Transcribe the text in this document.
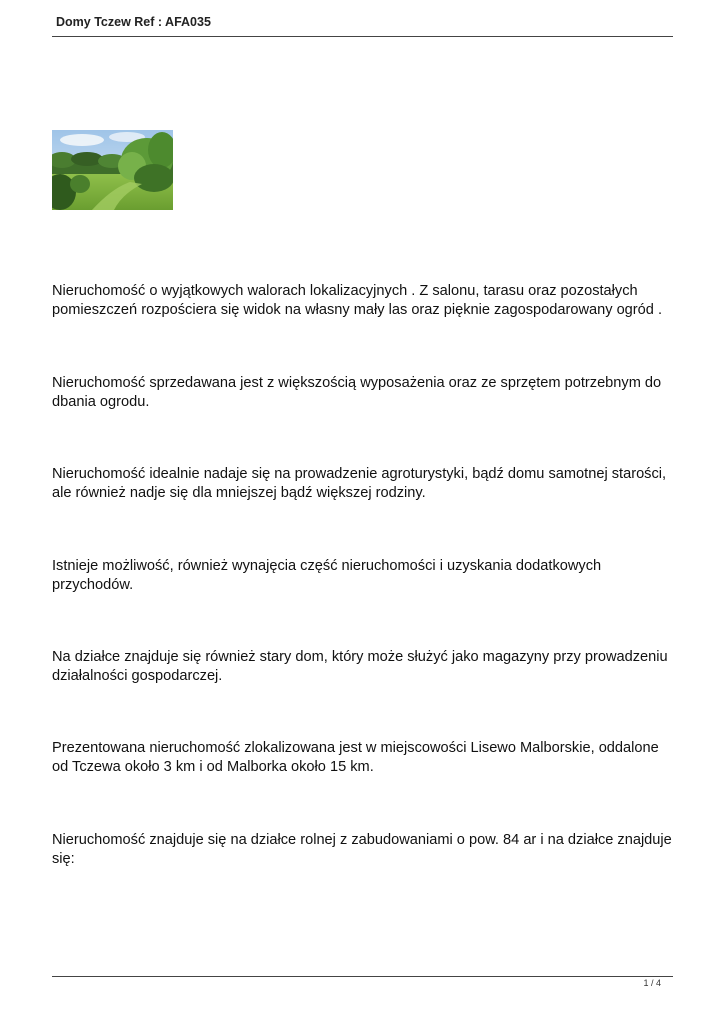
Domy Tczew Ref : AFA035

Nieruchomość o wyjątkowych walorach lokalizacyjnych . Z salonu, tarasu oraz pozostałych pomieszczeń rozpościera się widok na własny mały las oraz pięknie zagospodarowany ogród .

Nieruchomość sprzedawana jest z większością wyposażenia oraz ze sprzętem potrzebnym do dbania ogrodu.

Nieruchomość idealnie nadaje się na prowadzenie agroturystyki, bądź domu samotnej starości, ale również nadje się dla mniejszej bądź większej rodziny.

Istnieje możliwość, również wynajęcia część nieruchomości i uzyskania dodatkowych przychodów.

Na działce znajduje się również stary dom, który może służyć jako magazyny przy prowadzeniu działalności gospodarczej.

Prezentowana nieruchomość zlokalizowana jest w miejscowości Lisewo Malborskie, oddalone od Tczewa około 3 km i od Malborka około 15 km.

Nieruchomość znajduje się na działce rolnej z zabudowaniami o pow. 84 ar i na działce znajduje się:

1 / 4
